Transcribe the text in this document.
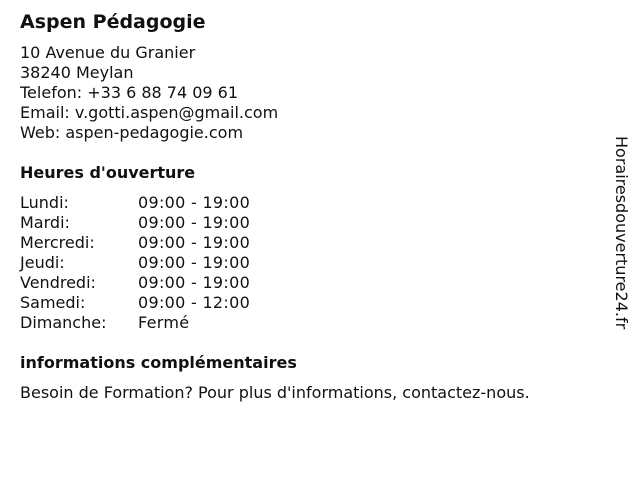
Aspen Pédagogie
10 Avenue du Granier
38240 Meylan
Telefon: +33 6 88 74 09 61
Email: v.gotti.aspen@gmail.com
Web: aspen-pedagogie.com
Heures d'ouverture
Lundi:	09:00 - 19:00
Mardi:	09:00 - 19:00
Mercredi:	09:00 - 19:00
Jeudi:	09:00 - 19:00
Vendredi:	09:00 - 19:00
Samedi:	09:00 - 12:00
Dimanche:	Fermé
informations complémentaires
Besoin de Formation? Pour plus d'informations, contactez-nous.
Horairesdouverture24.fr
